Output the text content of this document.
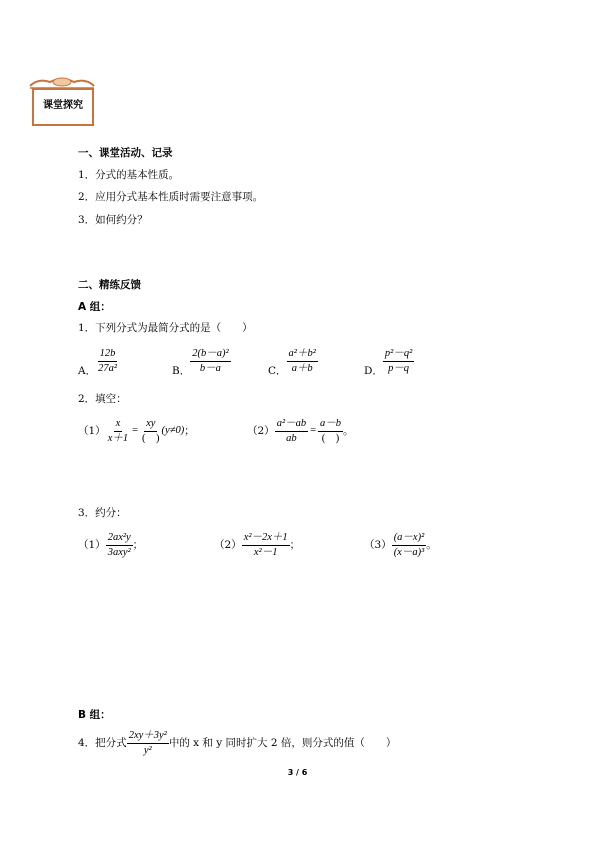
课堂探究
一、课堂活动、记录
1．分式的基本性质。
2．应用分式基本性质时需要注意事项。
3．如何约分？
二、精练反馈
A 组：
1．下列分式为最简分式的是（　　）
A． $\frac{12b}{\text{27a²}}$	B． $\frac{\text{2(b－a)²}}{b-a}$	C． $\frac{\text{a²＋b²}}{a+b}$	D． $\frac{\text{p²－q²}}{p-q}$
2．填空：
$(1) \frac{x}{x+1} = \frac{xy}{( )} (y\ne 0)$ ；	$(2) \frac{\text{a²－ab}}{ab} = \frac{a-b}{( )}$ 。
3．约分：
$(1) \frac{\text{2ax²y}}{\text{3axy²}}$ ；	$(2) \frac{\text{x²－2x＋1}}{\text{x²－1}}$ ；	$(3) \frac{\text{(a－x)²}}{\text{(x－a)³}}$ 。
B 组：
4．把分式 $\frac{\text{2xy＋3y²}}{\text{y²}}$ 中的 x 和 y 同时扩大 2 倍，则分式的值（　　）
3 / 6
